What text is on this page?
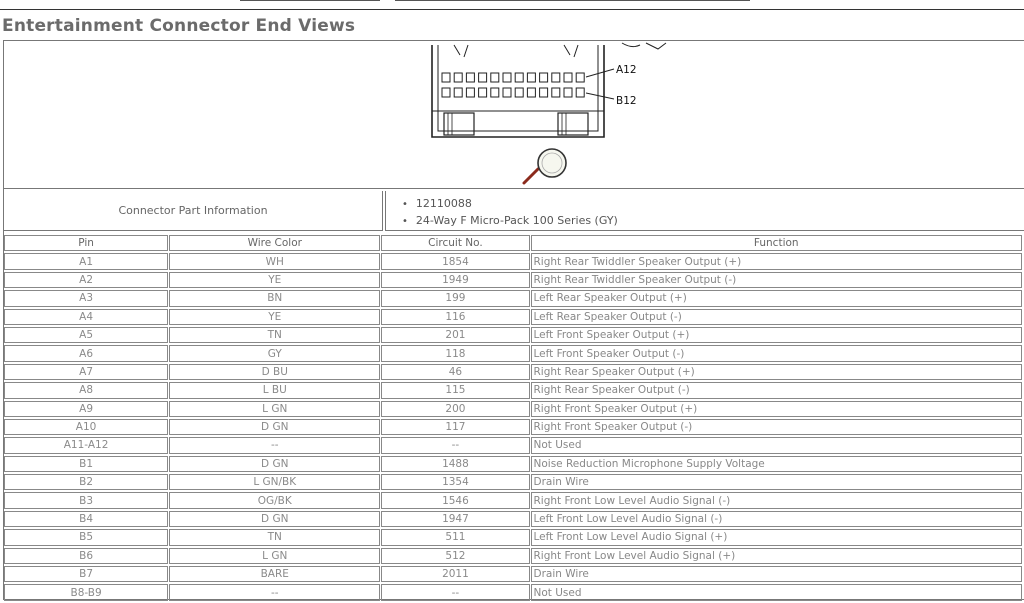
Entertainment Connector End Views
A12
B12
Connector Part Information
• 12110088
• 24-Way F Micro-Pack 100 Series (GY)
Pin	Wire Color	Circuit No.	Function
A1	WH	1854	Right Rear Twiddler Speaker Output (+)
A2	YE	1949	Right Rear Twiddler Speaker Output (-)
A3	BN	199	Left Rear Speaker Output (+)
A4	YE	116	Left Rear Speaker Output (-)
A5	TN	201	Left Front Speaker Output (+)
A6	GY	118	Left Front Speaker Output (-)
A7	D BU	46	Right Rear Speaker Output (+)
A8	L BU	115	Right Rear Speaker Output (-)
A9	L GN	200	Right Front Speaker Output (+)
A10	D GN	117	Right Front Speaker Output (-)
A11-A12	--	--	Not Used
B1	D GN	1488	Noise Reduction Microphone Supply Voltage
B2	L GN/BK	1354	Drain Wire
B3	OG/BK	1546	Right Front Low Level Audio Signal (-)
B4	D GN	1947	Left Front Low Level Audio Signal (-)
B5	TN	511	Left Front Low Level Audio Signal (+)
B6	L GN	512	Right Front Low Level Audio Signal (+)
B7	BARE	2011	Drain Wire
B8-B9	--	--	Not Used
